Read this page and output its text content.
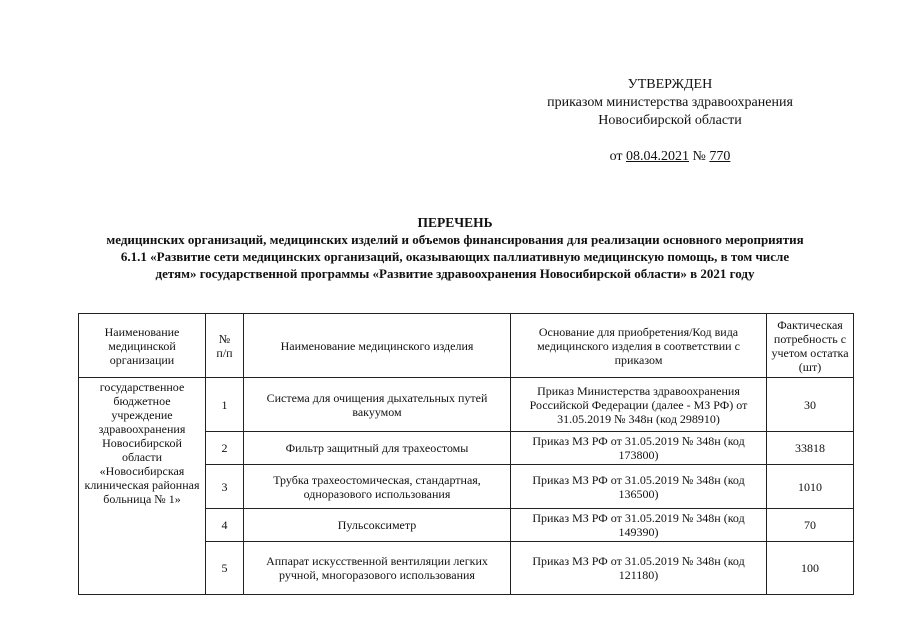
УТВЕРЖДЕН
приказом министерства здравоохранения
Новосибирской области
от 08.04.2021 № 770
ПЕРЕЧЕНЬ
медицинских организаций, медицинских изделий и объемов финансирования для реализации основного мероприятия
6.1.1 «Развитие сети медицинских организаций, оказывающих паллиативную медицинскую помощь, в том числе
детям» государственной программы «Развитие здравоохранения Новосибирской области» в 2021 году
Наименование медицинской организации	№ п/п	Наименование медицинского изделия	Основание для приобретения/Код вида медицинского изделия в соответствии с приказом	Фактическая потребность с учетом остатка (шт)
государственное бюджетное учреждение здравоохранения Новосибирской области «Новосибирская клиническая районная больница № 1»	1	Система для очищения дыхательных путей вакуумом	Приказ Министерства здравоохранения Российской Федерации (далее - МЗ РФ) от 31.05.2019 № 348н (код 298910)	30
	2	Фильтр защитный для трахеостомы	Приказ МЗ РФ от 31.05.2019 № 348н (код 173800)	33818
	3	Трубка трахеостомическая, стандартная, одноразового использования	Приказ МЗ РФ от 31.05.2019 № 348н (код 136500)	1010
	4	Пульсоксиметр	Приказ МЗ РФ от 31.05.2019 № 348н (код 149390)	70
	5	Аппарат искусственной вентиляции легких ручной, многоразового использования	Приказ МЗ РФ от 31.05.2019 № 348н (код 121180)	100
